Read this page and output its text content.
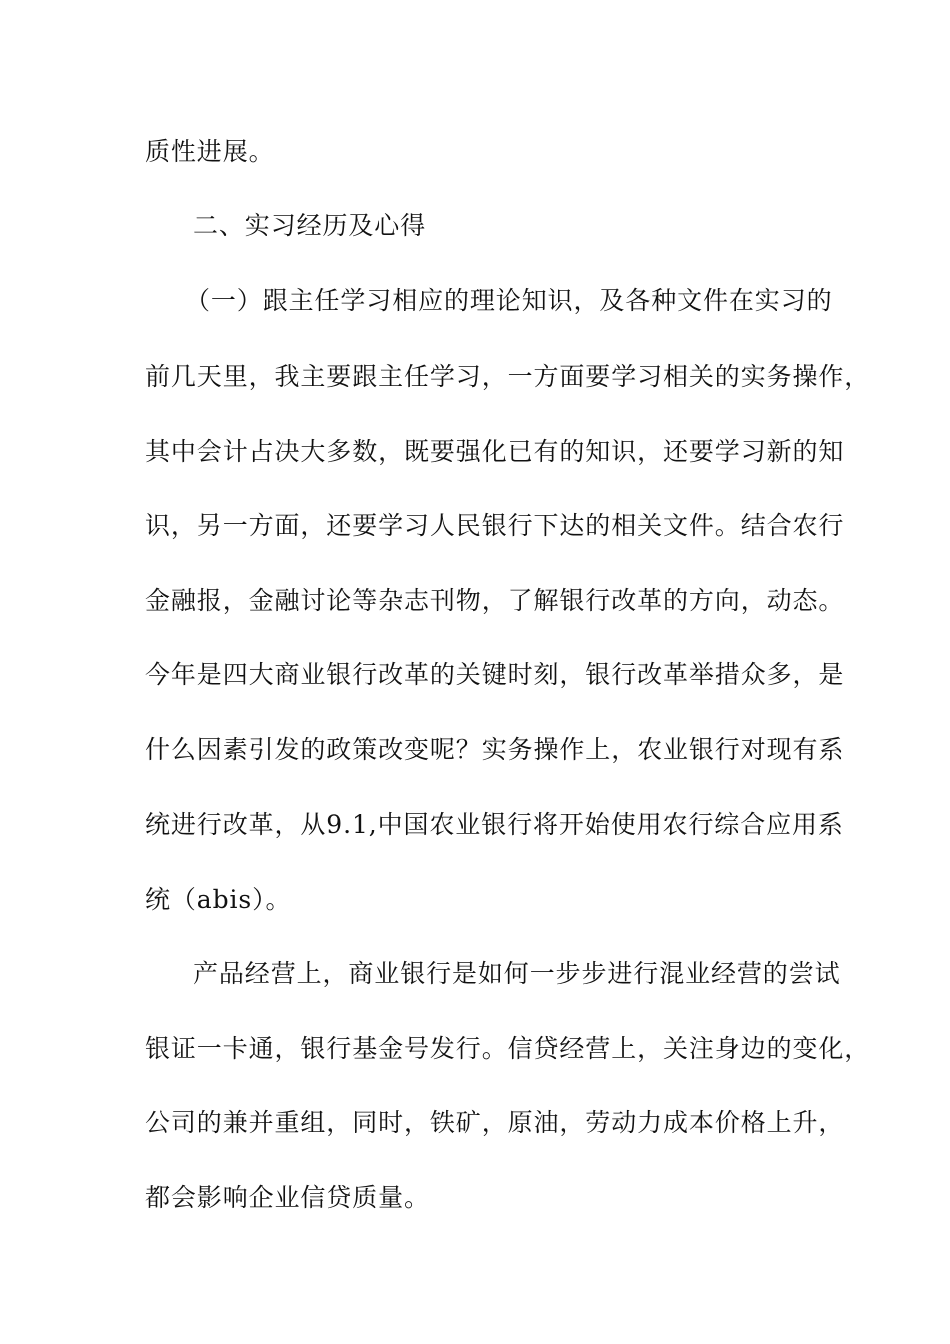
质性进展。
二、实习经历及心得
（一）跟主任学习相应的理论知识，及各种文件在实习的
前几天里，我主要跟主任学习，一方面要学习相关的实务操作，
其中会计占决大多数，既要强化已有的知识，还要学习新的知
识，另一方面，还要学习人民银行下达的相关文件。结合农行
金融报，金融讨论等杂志刊物，了解银行改革的方向，动态。
今年是四大商业银行改革的关键时刻，银行改革举措众多，是
什么因素引发的政策改变呢？实务操作上，农业银行对现有系
统进行改革，从9.1,中国农业银行将开始使用农行综合应用系
统（abis）。
产品经营上，商业银行是如何一步步进行混业经营的尝试
银证一卡通，银行基金号发行。信贷经营上，关注身边的变化，
公司的兼并重组，同时，铁矿，原油，劳动力成本价格上升，
都会影响企业信贷质量。
